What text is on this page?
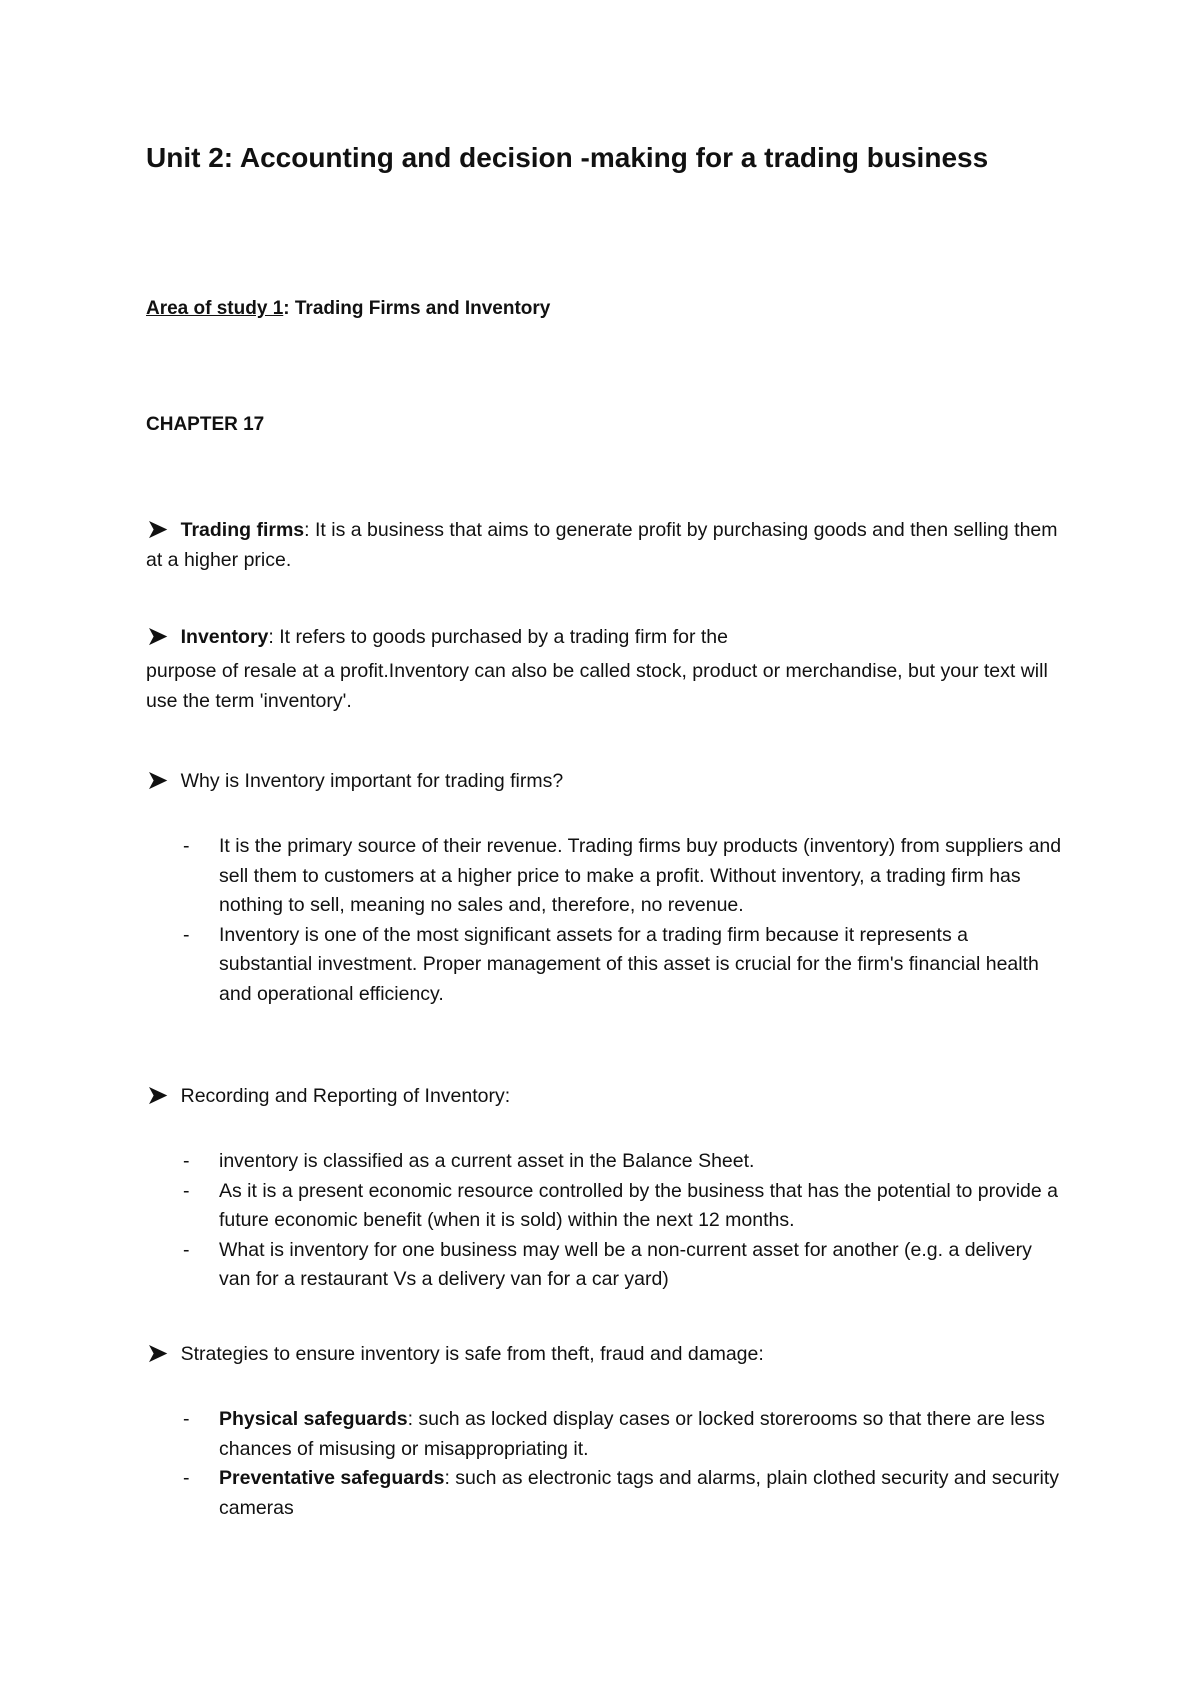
Unit 2: Accounting and decision -making for a trading business
Area of study 1: Trading Firms and Inventory
CHAPTER 17
➤ Trading firms: It is a business that aims to generate profit by purchasing goods and then selling them at a higher price.
➤ Inventory: It refers to goods purchased by a trading firm for the
purpose of resale at a profit.Inventory can also be called stock, product or merchandise, but your text will use the term 'inventory'.
➤ Why is Inventory important for trading firms?
- It is the primary source of their revenue. Trading firms buy products (inventory) from suppliers and sell them to customers at a higher price to make a profit. Without inventory, a trading firm has nothing to sell, meaning no sales and, therefore, no revenue.
- Inventory is one of the most significant assets for a trading firm because it represents a substantial investment. Proper management of this asset is crucial for the firm's financial health and operational efficiency.
➤ Recording and Reporting of Inventory:
- inventory is classified as a current asset in the Balance Sheet.
- As it is a present economic resource controlled by the business that has the potential to provide a future economic benefit (when it is sold) within the next 12 months.
- What is inventory for one business may well be a non-current asset for another (e.g. a delivery van for a restaurant Vs a delivery van for a car yard)
➤ Strategies to ensure inventory is safe from theft, fraud and damage:
- Physical safeguards: such as locked display cases or locked storerooms so that there are less chances of misusing or misappropriating it.
- Preventative safeguards: such as electronic tags and alarms, plain clothed security and security cameras
